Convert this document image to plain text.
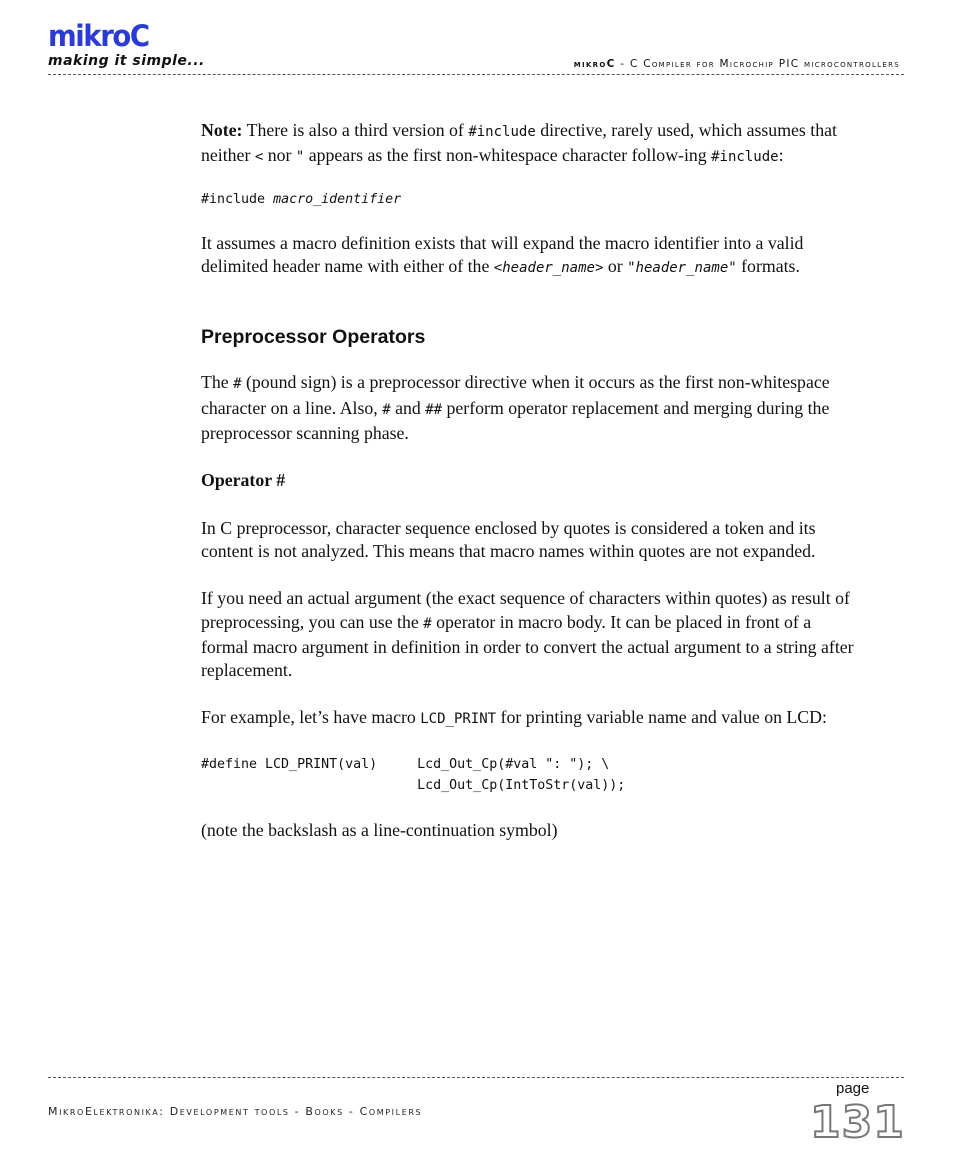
mikroC
making it simple...	mikroC - C Compiler for Microchip PIC microcontrollers

Note: There is also a third version of #include directive, rarely used, which assumes that neither < nor " appears as the first non-whitespace character follow-ing #include:

#include macro_identifier

It assumes a macro definition exists that will expand the macro identifier into a valid delimited header name with either of the <header_name> or "header_name" formats.

Preprocessor Operators

The # (pound sign) is a preprocessor directive when it occurs as the first non-whitespace character on a line. Also, # and ## perform operator replacement and merging during the preprocessor scanning phase.

Operator #

In C preprocessor, character sequence enclosed by quotes is considered a token and its content is not analyzed. This means that macro names within quotes are not expanded.

If you need an actual argument (the exact sequence of characters within quotes) as result of preprocessing, you can use the # operator in macro body. It can be placed in front of a formal macro argument in definition in order to convert the actual argument to a string after replacement.

For example, let’s have macro LCD_PRINT for printing variable name and value on LCD:

#define LCD_PRINT(val)     Lcd_Out_Cp(#val ": "); \
Lcd_Out_Cp(IntToStr(val));

(note the backslash as a line-continuation symbol)

MikroElektronika: Development tools - Books - Compilers
page
131
